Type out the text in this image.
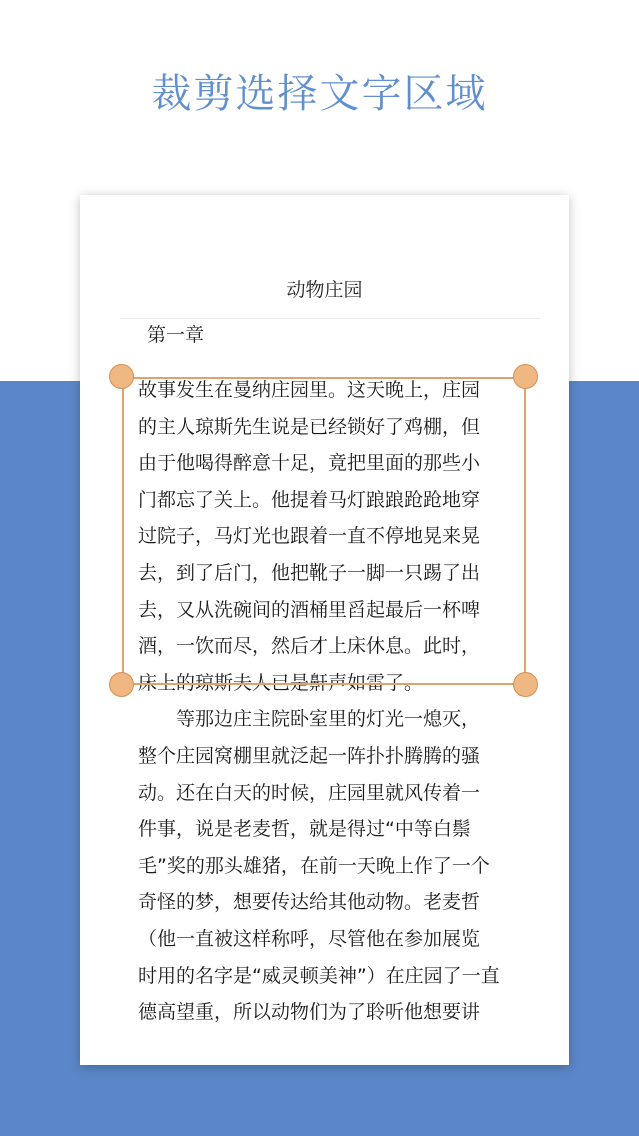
裁剪选择文字区域
动物庄园
第一章
故事发生在曼纳庄园里。这天晚上，庄园
的主人琼斯先生说是已经锁好了鸡棚，但
由于他喝得醉意十足，竟把里面的那些小
门都忘了关上。他提着马灯踉踉跄跄地穿
过院子，马灯光也跟着一直不停地晃来晃
去，到了后门，他把靴子一脚一只踢了出
去，又从洗碗间的酒桶里舀起最后一杯啤
酒，一饮而尽，然后才上床休息。此时，
床上的琼斯夫人已是鼾声如雷了。
　　等那边庄主院卧室里的灯光一熄灭，
整个庄园窝棚里就泛起一阵扑扑腾腾的骚
动。还在白天的时候，庄园里就风传着一
件事，说是老麦哲，就是得过“中等白鬃
毛”奖的那头雄猪，在前一天晚上作了一个
奇怪的梦，想要传达给其他动物。老麦哲
（他一直被这样称呼，尽管他在参加展览
时用的名字是“威灵顿美神”）在庄园了一直
德高望重，所以动物们为了聆听他想要讲
